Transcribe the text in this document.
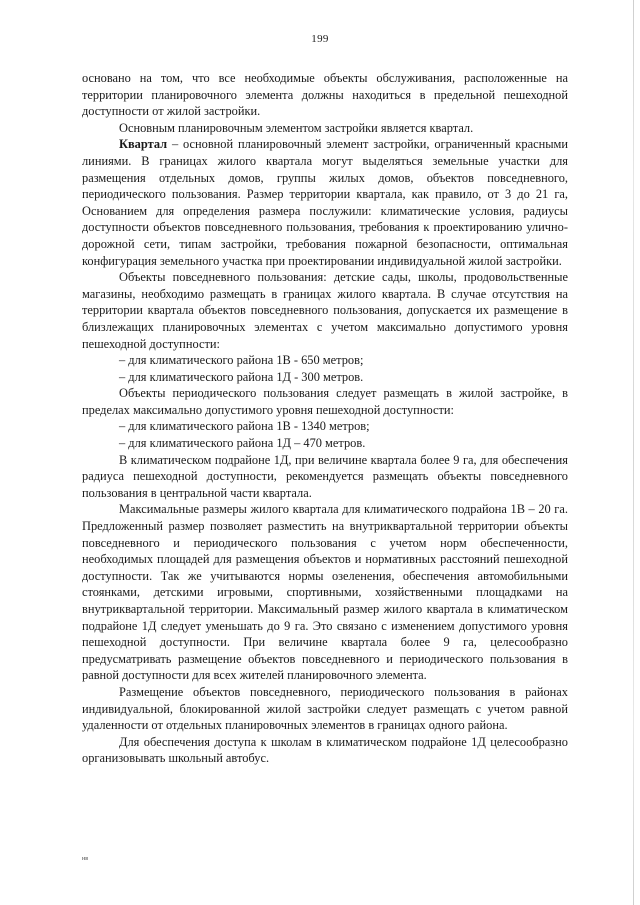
199

основано на том, что все необходимые объекты обслуживания, расположенные на территории планировочного элемента должны находиться в предельной пешеходной доступности от жилой застройки.

Основным планировочным элементом застройки является квартал.

Квартал – основной планировочный элемент застройки, ограниченный красными линиями. В границах жилого квартала могут выделяться земельные участки для размещения отдельных домов, группы жилых домов, объектов повседневного, периодического пользования. Размер территории квартала, как правило, от 3 до 21 га, Основанием для определения размера послужили: климатические условия, радиусы доступности объектов повседневного пользования, требования к проектированию улично-дорожной сети, типам застройки, требования пожарной безопасности, оптимальная конфигурация земельного участка при проектировании индивидуальной жилой застройки.

Объекты повседневного пользования: детские сады, школы, продовольственные магазины, необходимо размещать в границах жилого квартала. В случае отсутствия на территории квартала объектов повседневного пользования, допускается их размещение в близлежащих планировочных элементах с учетом максимально допустимого уровня пешеходной доступности:

– для климатического района 1В - 650 метров;

– для климатического района 1Д - 300 метров.

Объекты периодического пользования следует размещать в жилой застройке, в пределах максимально допустимого уровня пешеходной доступности:

– для климатического района 1В - 1340 метров;

– для климатического района 1Д – 470 метров.

В климатическом подрайоне 1Д, при величине квартала более 9 га, для обеспечения радиуса пешеходной доступности, рекомендуется размещать объекты повседневного пользования в центральной части квартала.

Максимальные размеры жилого квартала для климатического подрайона 1В – 20 га. Предложенный размер позволяет разместить на внутриквартальной территории объекты повседневного и периодического пользования с учетом норм обеспеченности, необходимых площадей для размещения объектов и нормативных расстояний пешеходной доступности. Так же учитываются нормы озеленения, обеспечения автомобильными стоянками, детскими игровыми, спортивными, хозяйственными площадками на внутриквартальной территории. Максимальный размер жилого квартала в климатическом подрайоне 1Д следует уменьшать до 9 га. Это связано с изменением допустимого уровня пешеходной доступности. При величине квартала более 9 га, целесообразно предусматривать размещение объектов повседневного и периодического пользования в равной доступности для всех жителей планировочного элемента.

Размещение объектов повседневного, периодического пользования в районах индивидуальной, блокированной жилой застройки следует размещать с учетом равной удаленности от отдельных планировочных элементов в границах одного района.

Для обеспечения доступа к школам в климатическом подрайоне 1Д целесообразно организовывать школьный автобус.

нв
